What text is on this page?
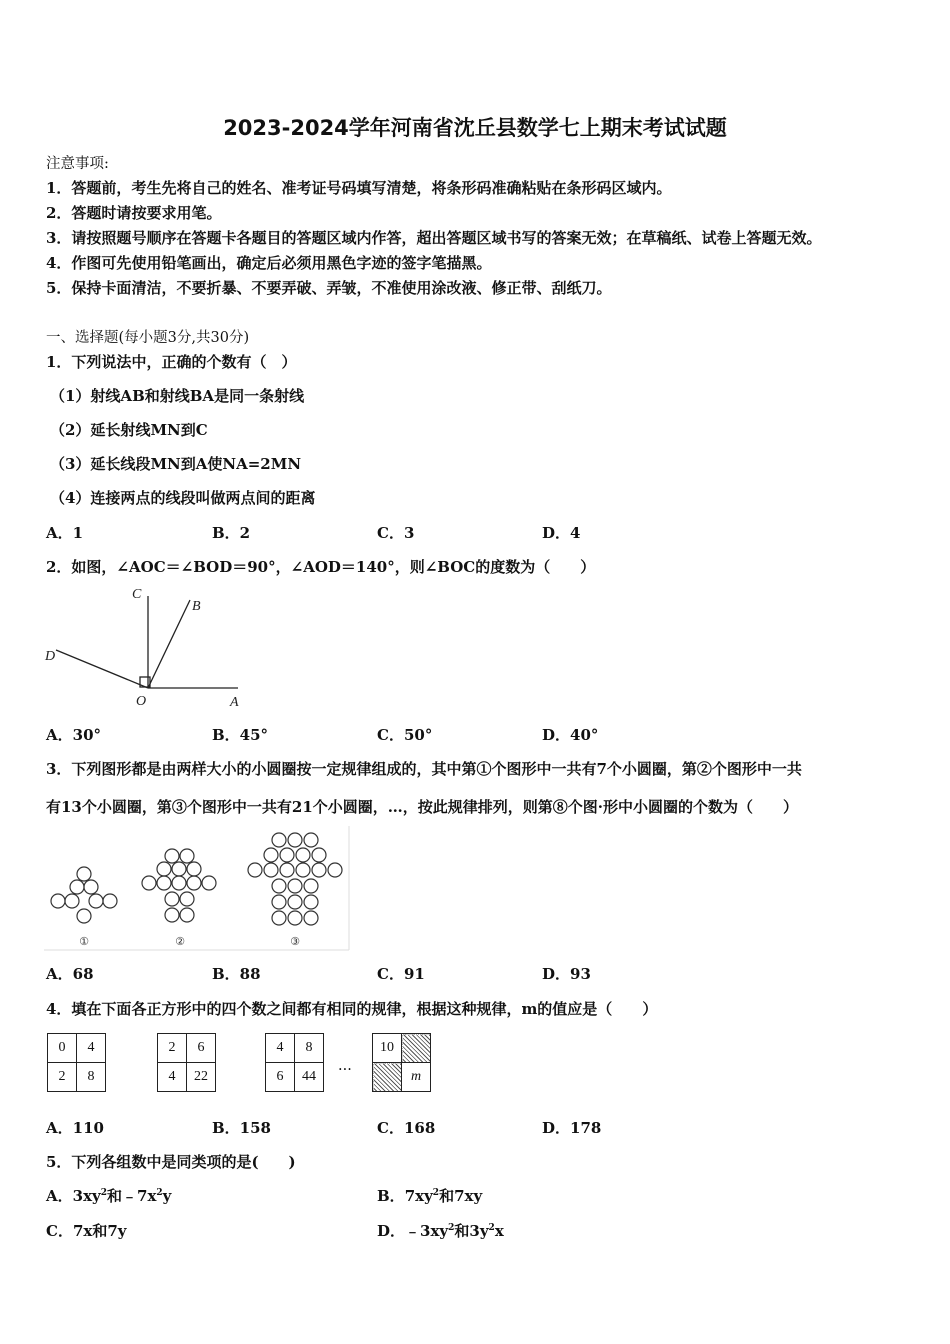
2023-2024学年河南省沈丘县数学七上期末考试试题
注意事项:
1．答题前，考生先将自己的姓名、准考证号码填写清楚，将条形码准确粘贴在条形码区域内。
2．答题时请按要求用笔。
3．请按照题号顺序在答题卡各题目的答题区域内作答，超出答题区域书写的答案无效；在草稿纸、试卷上答题无效。
4．作图可先使用铅笔画出，确定后必须用黑色字迹的签字笔描黑。
5．保持卡面清洁，不要折暴、不要弄破、弄皱，不准使用涂改液、修正带、刮纸刀。
一、选择题(每小题3分,共30分)
1．下列说法中，正确的个数有（　）
（1）射线AB和射线BA是同一条射线
（2）延长射线MN到C
（3）延长线段MN到A使NA=2MN
（4）连接两点的线段叫做两点间的距离
A．1	B．2	C．3	D．4
2．如图，∠AOC＝∠BOD＝90°，∠AOD＝140°，则∠BOC的度数为（　　）
C
B
D
O	A
A．30°	B．45°	C．50°	D．40°
3．下列图形都是由两样大小的小圆圈按一定规律组成的，其中第①个图形中一共有7个小圆圈，第②个图形中一共
有13个小圆圈，第③个图形中一共有21个小圆圈，…，按此规律排列，则第⑧个图·形中小圆圈的个数为（　　）
①	②	③
A．68	B．88	C．91	D．93
4．填在下面各正方形中的四个数之间都有相同的规律，根据这种规律，m的值应是（　　）
0	4
2	8
2	6
4	22
4	8
6	44 ···
10	
	m
A．110	B．158	C．168	D．178
5．下列各组数中是同类项的是(　　)
A．$3xy^2$和$﹣7x^2y$	B．$7xy^2$和7xy
C．7x和7y	D．$﹣3xy^2$和$3y^2x$
